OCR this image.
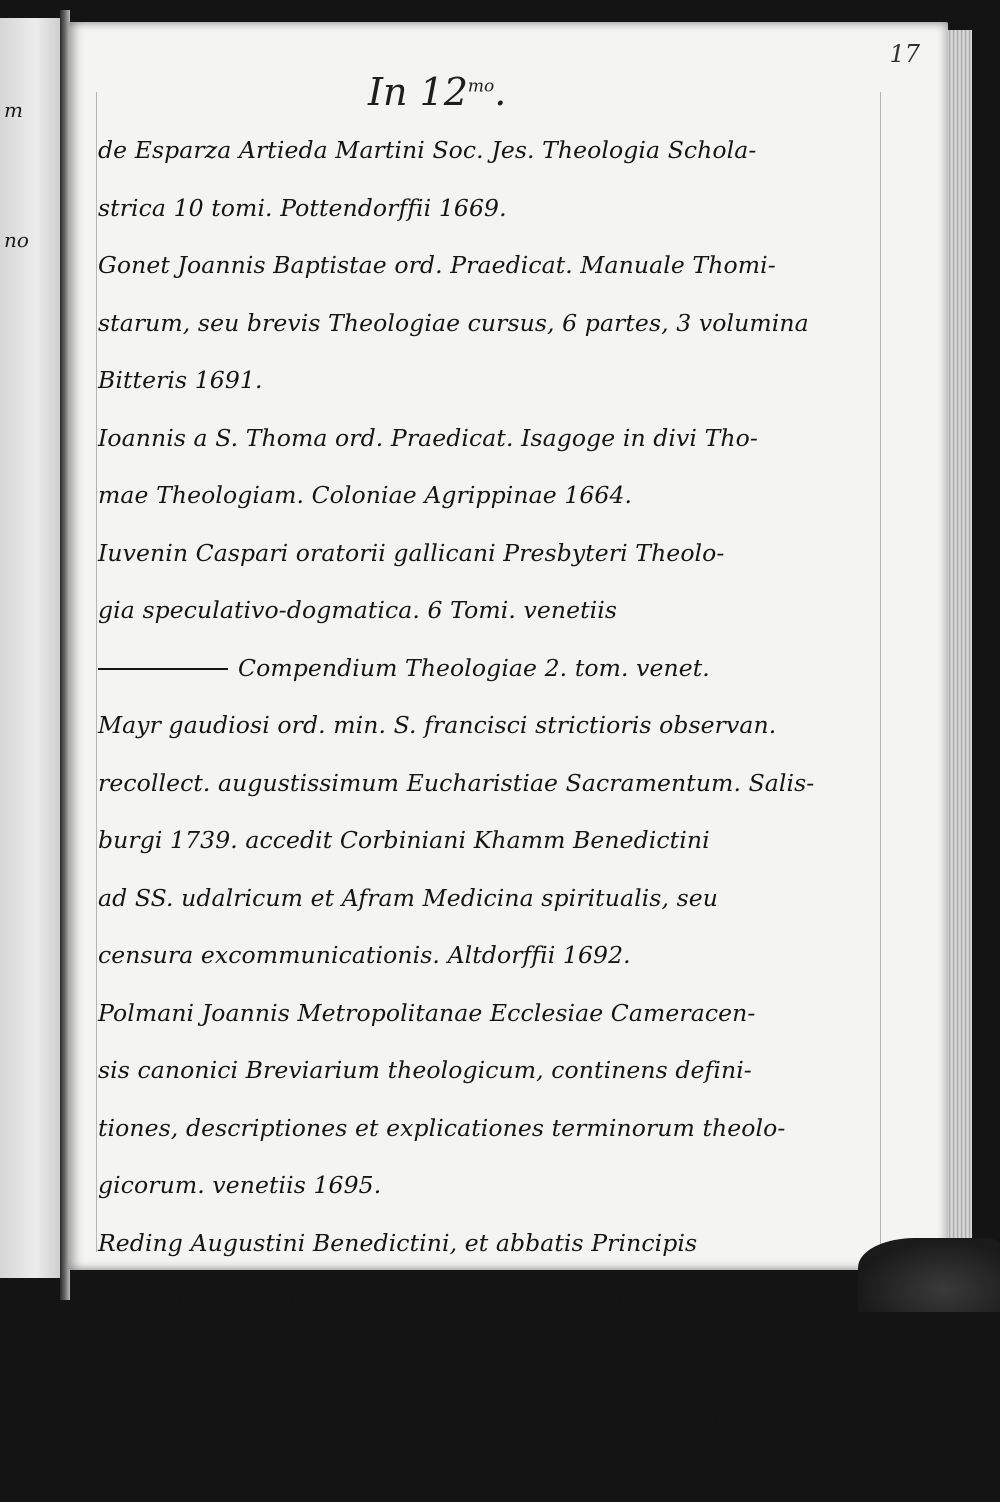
m
no
17
In $12^{mo}$.
de Esparza Artieda Martini Soc. Jes. Theologia Schola-
strica 10 tomi. Pottendorffii 1669.
Gonet Joannis Baptistae ord. Praedicat. Manuale Thomi-
starum, seu brevis Theologiae cursus, 6 partes, 3 volumina
Bitteris 1691.
Ioannis a S. Thoma ord. Praedicat. Isagoge in divi Tho-
mae Theologiam. Coloniae Agrippinae 1664.
Iuvenin Caspari oratorii gallicani Presbyteri Theolo-
gia speculativo-dogmatica. 6 Tomi. venetiis
Compendium Theologiae 2. tom. venet.
Mayr gaudiosi ord. min. S. francisci strictioris observan.
recollect. augustissimum Eucharistiae Sacramentum. Salis-
burgi 1739. accedit Corbiniani Khamm Benedictini
ad SS. udalricum et Afram Medicina spiritualis, seu
censura excommunicationis. Altdorffii 1692.
Polmani Joannis Metropolitanae Ecclesiae Cameracen-
sis canonici Breviarium theologicum, continens defini-
tiones, descriptiones et explicationes terminorum theolo-
gicorum. venetiis 1695.
Reding Augustini Benedictini, et abbatis Principis
Einsidlensis compendium theologicum. Typis Monaste-
rii Einsidlensis 1666.
Schnel Anselmi Benedictini Weingartensis Theologia
Scholastico-thomistica. 10 partes, 4. volumina. Altorffii
